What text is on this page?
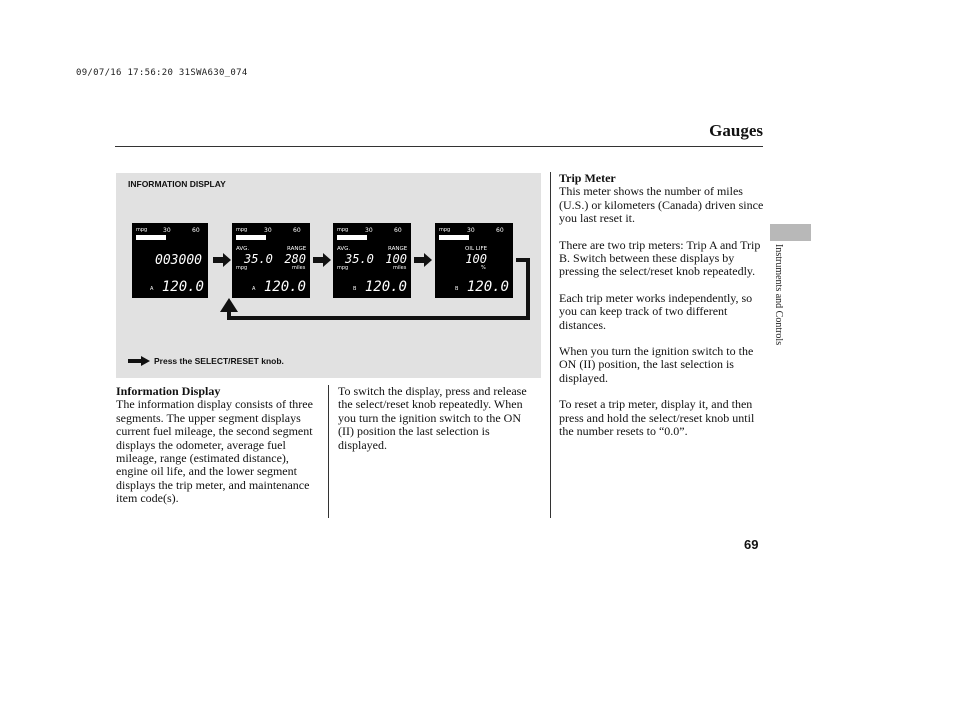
09/07/16 17:56:20 31SWA630_074
Gauges
Instruments and Controls
INFORMATION DISPLAY
mpg	30	60
003000
A 120.0
mpg	30	60
AVG.	RANGE
35.0 280
mpg	miles
A 120.0
mpg	30	60
AVG.	RANGE
35.0 100
mpg	miles
B 120.0
mpg	30	60
OIL LIFE
100
%
B 120.0
Press the SELECT/RESET knob.

Information Display

The information display consists of three segments. The upper segment displays current fuel mileage, the second segment displays the odometer, average fuel mileage, range (estimated distance), engine oil life, and the lower segment displays the trip meter, and maintenance item code(s).

To switch the display, press and release the select/reset knob repeatedly. When you turn the ignition switch to the ON (II) position the last selection is displayed.

Trip Meter

This meter shows the number of miles (U.S.) or kilometers (Canada) driven since you last reset it.

There are two trip meters: Trip A and Trip B. Switch between these displays by pressing the select/reset knob repeatedly.

Each trip meter works independently, so you can keep track of two different distances.

When you turn the ignition switch to the ON (II) position, the last selection is displayed.

To reset a trip meter, display it, and then press and hold the select/reset knob until the number resets to “0.0”.

69
